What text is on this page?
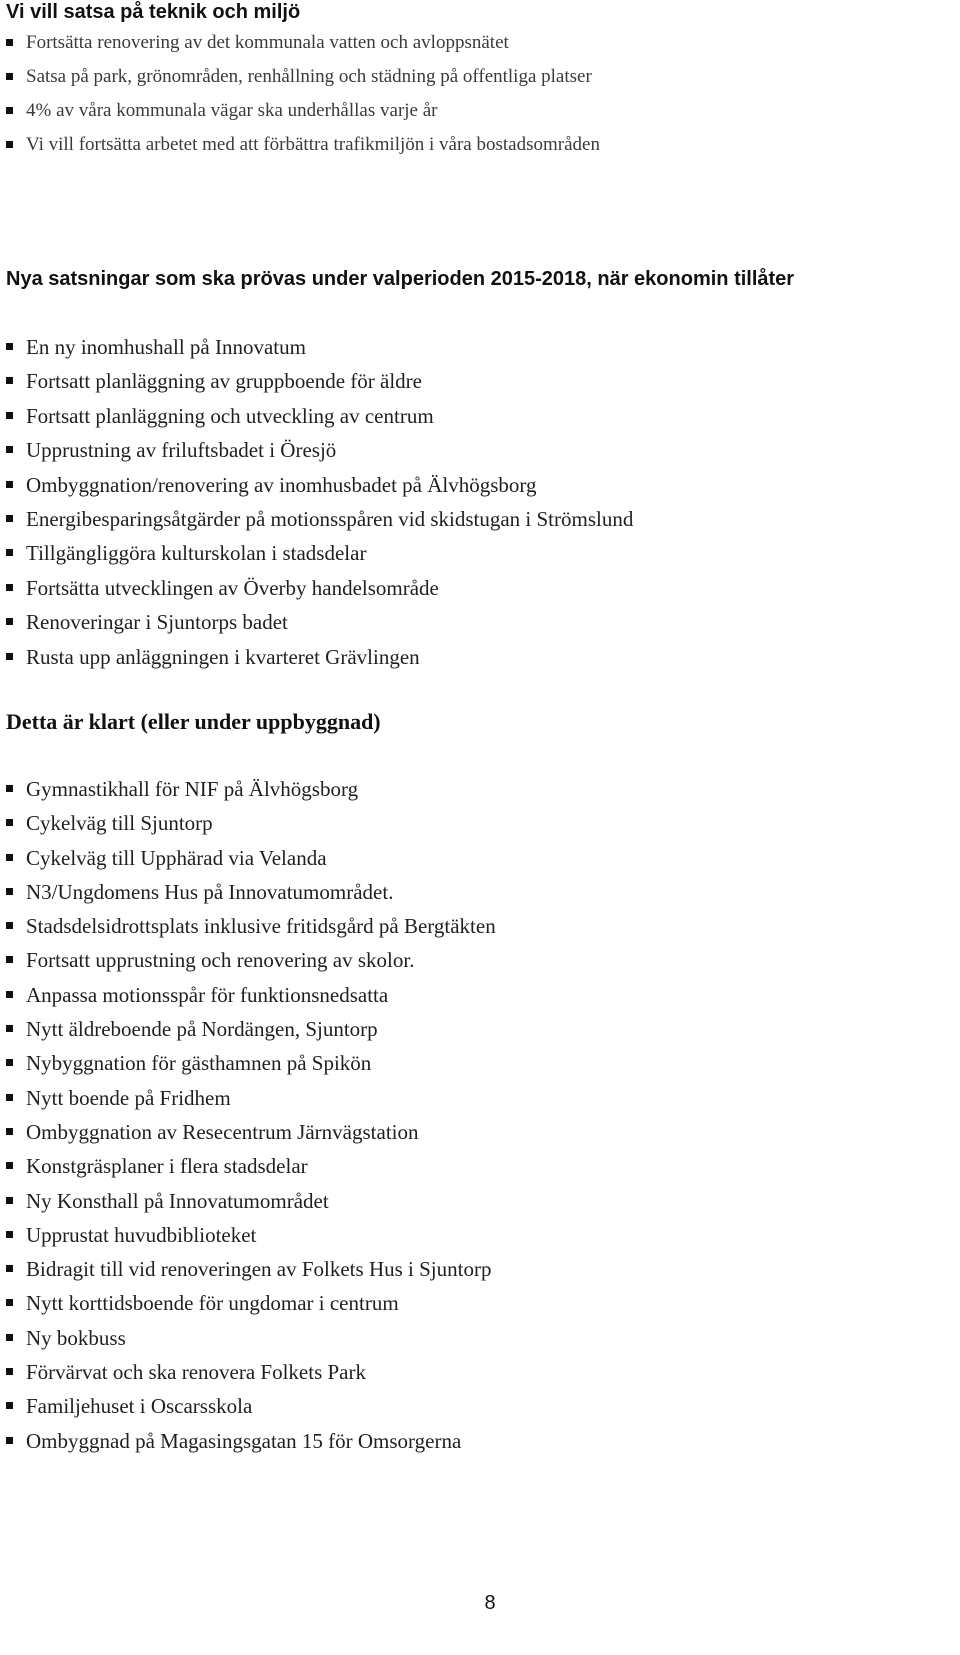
Vi vill satsa på teknik och miljö
Fortsätta renovering av det kommunala vatten och avloppsnätet
Satsa på park, grönområden, renhållning och städning på offentliga platser
4% av våra kommunala vägar ska underhållas varje år
Vi vill fortsätta arbetet med att förbättra trafikmiljön i våra bostadsområden
Nya satsningar som ska prövas under valperioden 2015-2018, när ekonomin tillåter
En ny inomhushall på Innovatum
Fortsatt planläggning av gruppboende för äldre
Fortsatt planläggning och utveckling av centrum
Upprustning av friluftsbadet i Öresjö
Ombyggnation/renovering av inomhusbadet på Älvhögsborg
Energibesparingsåtgärder på motionsspåren vid skidstugan i Strömslund
Tillgängliggöra kulturskolan i stadsdelar
Fortsätta utvecklingen av Överby handelsområde
Renoveringar i Sjuntorps badet
Rusta upp anläggningen i kvarteret Grävlingen
Detta är klart (eller under uppbyggnad)
Gymnastikhall för NIF på Älvhögsborg
Cykelväg till Sjuntorp
Cykelväg till Upphärad via Velanda
N3/Ungdomens Hus på Innovatumområdet.
Stadsdelsidrottsplats inklusive fritidsgård på Bergtäkten
Fortsatt upprustning och renovering av skolor.
Anpassa motionsspår för funktionsnedsatta
Nytt äldreboende på Nordängen, Sjuntorp
Nybyggnation för gästhamnen på Spikön
Nytt boende på Fridhem
Ombyggnation av Resecentrum Järnvägstation
Konstgräsplaner i flera stadsdelar
Ny Konsthall på Innovatumområdet
Upprustat huvudbiblioteket
Bidragit till vid renoveringen av Folkets Hus i Sjuntorp
Nytt korttidsboende för ungdomar i centrum
Ny bokbuss
Förvärvat och ska renovera Folkets Park
Familjehuset i Oscarsskola
Ombyggnad på Magasingsgatan 15 för Omsorgerna
8
